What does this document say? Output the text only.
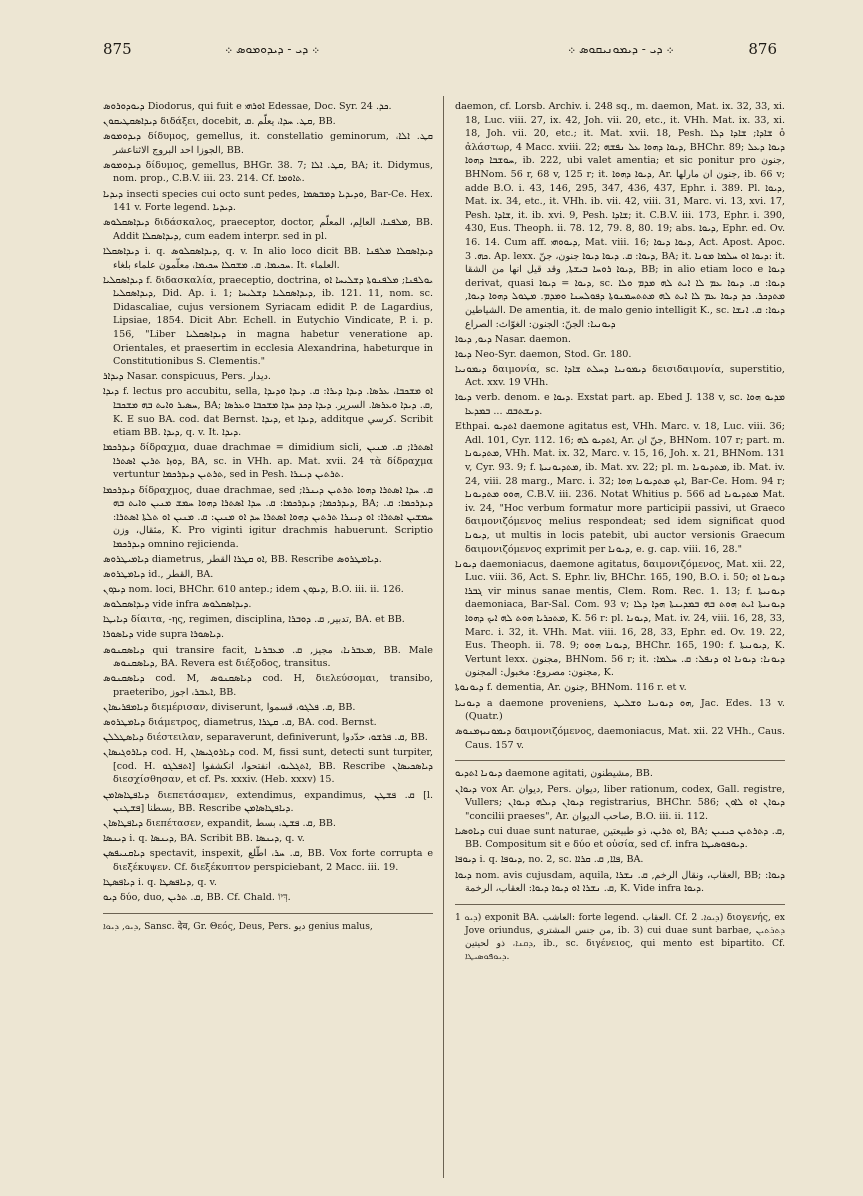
875	܀ ܕܝ - ܕܝܕܘܡܘܣ ܀	܀ ܕܝ - ܕܝܡܘܢܝܩܘܣ ܀	876
ܕܝܘܕܘܪܘܣ Diodorus, qui fuit e ܐܘܪܗܝ Edessae, Doc. Syr. ܟܕ. 24.
ܕܝܕܐܣܩܛܝܩܘܢ διδάξει, docebit, ܩܛ. ܚܕܐ، يعلّم .ܩ, BB.
ܕܝܕܘܡܘܣ δίδυμος, gemellus, it. constellatio geminorum, ܩܛ. ܐܠܐ، الجوزا احد البروج الاثناعشر, BB.
ܕܝܕܘܡܘܣ δίδυμος, gemellus, BHGr. 38. 7; ܩܛ. ܐܠܐ, BA; it. Didymus, nom. prop., C.B.V. iii. 23. 214. Cf. ܬܐܘܡܐ.
ܕܝܕܝܐ insecti species cui octo sunt pedes, ܘܕܝܕܝܐ ܕܡܒܣܡܐ, Bar-Ce. Hex. 141 v. Forte legend. ܕܝܕܝܐ.
ܕܝܕܐܣܩܠܘܣ διδάσκαλος, praeceptor, doctor, ܡܠܦܢܐ، العالِم، المعلّم, BB. Addit ܕܝܕܐܣܩܠܐ, cum eadem interpr. sed in pl.
ܕܝܕܐܣܩܠܐ i. q. ܕܝܕܐܣܩܠܘܣ, q. v. In alio loco dicit BB. ܕܝܕܐܣܩܠܐ ܡܠܦܢܐ ܚܟܝܡܐ. ܩ. ܡܫܩܠܐ ܚܟܝܡܐ، معلّمون علماء بلغاء. It. العلماء.
ܕܝܕܐܣܩܠܝܐ f. διδασκαλία, praeceptio, doctrina, ܝܘܠܦܢܐ; ܡܠܦܢܘܬܐ ܕܫܠܝܚܐ ܐܘ ܕܝܕܐܣܩܠܝܐ, Did. Ap. i. 1; ܕܝܕܐܣܩܠܝܐ ܕܫܠܝܚܐ, ib. 121. 11, nom. sc. Didascaliae, cujus versionem Syriacam edidit P. de Lagardius, Lipsiae, 1854. Dicit Abr. Echell. in Eutychio Vindicate, P. i. p. 156, "Liber ܕܝܕܐܣܩܠܝܐ in magna habetur veneratione ap. Orientales, et praesertim in ecclesia Alexandrina, habeturque in Constitutionibus S. Clementis."
ܕܝܕܐܪ Nasar. conspicuus, Pers. ديدار.
ܕܝܕܐ f. lectus pro accubitu, sella, ܐܘ ܡܫܟܒܐ، ܥܪܣܐ. ܕܝܕܐ ܕܝܪܐ: ܩ. ܕܝܕܐ ܘܕܝܕܐ ܚܣܝܪ ܘܐܝܬ ܒܗ ܡܫܟܒܐ, BA; ܩ. ܕܝܕܐ ܘܥܪܣܐ. السرير. ܕܝܕܐ ܕܟܕ ܚܕܐ ܡܫܟܒܐ ܘܥܪܣܐ, K. E suo BA. cod. dat Bernst. ܕܝܕܐ, et ܕܝܕܐ, additque كرسي. Scribit etiam BB. ܕܝܕܐ, q. v. It. ܕܝܕܐ.
ܕܝܕܪܟܡܐ δίδραχμα, duae drachmae = dimidium sicli, ܐܣܬܪܐ; ܩ. ܡܢܝܢ ܕܘܙܐ ܬܪܝܢ ܐܣܬܪܐ, BA, sc. in VHh. ap. Mat. xvii. 24 τὰ δίδραχμα vertuntur ܬܪܬܝܢ ܕܝܕܪܟܡܐ, sed in Pesh. ܬܪܬܝܢ ܕܝܢܪܐ.
ܕܝܕܪܟܡܐ δίδραχμος, duae drachmae, sed ܩ. ܚܕܐ ܐܣܬܪܐ ܕܗܘܐ ܬܪܬܝܢ ܕܝܢܪܐ; ܕܝܕܪܟܡܐ; ܕܝܕܪܟܡܐ: ܩ. ܚܕܐ ܐܣܬܪܐ ܕܗܘܐ ܚܡܫ ܡܢܝܢ ܘܐܝܬ ܒܗ, BA; ܕܝܕܪܟܡܐ: ܩ. ܚܡܫܝܢ ܐܣܬܪܐ: ܐܘ ܕܝܢܪܐ ܬܪܬܝܢ ܕܗܘܐ ܐܣܬܪܐ ܚܕ ܐܘ ܡܢܝܢ: ܩ. ܡܢܝܢ ܐܘ ܬܠܬܐ ܐܣܬܪܐ: مثقال، وزن, K. Pro viginti igitur drachmis habuerunt. Scriptio ܕܝܕܪܟܡܐ omnino rejicienda.
ܕܝܐܡܝܛܪܘܣ diametrus, ܐܘ ܩܛܪܐ القطر, BB. Rescribe ܕܝܐܡܛܪܘܣ.
ܕܝܐܡܛܪܘܣ id., القطر, BA.
ܕܝܕܘܢ nom. loci, BHChr. 610 antep.; idem ܕܝܕܘܢ, B.O. iii. ii. 126.
ܕܝܕܐܣܩܠܘܣ vide infra ܕܝܕܐܣܩܠܘܣ.
ܕܝܐܝܛܐ δίαιτα, -ης, regimen, disciplina, تدبير, ܩ. ܕܘܒܪܐ, BA. et BB.
ܕܝܐܣܘܪܐ vide supra ܕܝܐܣܘܪܐ.
ܕܝܐܣܩܢܘܣ qui transire facit, ܡܥܒܪܢܐ، مجيز, ܩ. ܡܥܒܪܢܐ, BB. Male ܕܝܐܣܩܢܘܣ, BA. Revera est διέξοδος, transitus.
ܕܝܐܣܩܢܘܣ cod. M, ܕܝܐܣܩܢܘܣ cod. H, διελεύσομαι, transibo, praeteribo, ܐܥܒܪ، اجوز, BB.
ܕܝܐܡܦܪܝܣܐܢ διεμέρισαν, diviserunt, ܩ. ܦܠܓܘ، قسموا, BB.
ܕܝܐܡܛܪܘܣ διάμετρος, diametrus, ܩ. ܩܛܪܐ, BA. cod. Bernst.
ܕܝܐܣܛܠܠܢ διέστειλαν, separaverunt, definiverunt, ܩ. ܦܪܫܘ، حدّدوا, BB.
ܕܝܐܪܘܓܝܣܐܢ cod. H, ܕܝܐܪܘܓܝܣܐܢ cod. M, fissi sunt, detecti sunt turpiter, [cod. H. ܐܬܦܠܓܘ] ܐܬܓܠܝܘ، انفتحوا، انكشفوا, BB. Rescribe ܕܝܐܣܟܝܣܐܢ διεσχίσθησαν, et cf. Ps. xxxiv. (Heb. xxxv) 15.
ܕܝܐܦܛܐܣܐܡܢ διεπετάσαμεν, extendimus, expandimus, ܩ. ܦܫܛܢ [l. ܦܫܛܢܢ] بسطنا, BB. Rescribe ܕܝܐܦܛܐܣܐܡܢ.
ܕܝܐܦܛܐܣܐܢ διεπέτασεν, expandit, ܩ. ܦܫܛ، بسط, BB.
ܕܝܢܣܐ i. q. ܕܝܢܣܐ, BA. Scribit BB. ܕܝܢܣܐ, q. v.
ܕܝܐܩܢܝܦܣܢ spectavit, inspexit, ܩ. ܚܪ، اطّلع, BB. Vox forte corrupta e διεξέκυψεν. Cf. διεξέκυπτον perspiciebant, 2 Macc. iii. 19.
ܕܝܐܦܣܛܐ i. q. ܕܝܐܦܣܛܐ, q. v.
ܕܝܘ δύο, duo, ܩ. ܬܪܝܢ, BB. Cf. Chald. דְּיוֹ.
ܕܝܘ, ܕܝܘܐ, Sansc. देव, Gr. Θεός, Deus, Pers. ديو genius malus,
daemon, cf. Lorsb. Archiv. i. 248 sq., m. daemon, Mat. ix. 32, 33, xi. 18, Luc. viii. 27, ix. 42, Joh. vii. 20, etc., it. VHh. Mat. ix. 33, xi. 18, Joh. vii. 20, etc.; it. Mat. xvii. 18, Pesh. ܫܐܕܐ; ܫܐܕܐ ܕܠܐ ὁ ἀλάστωρ, 4 Macc. xviii. 22; ܕܝܘܐ ܕܗܘܐ ܥܠ ܢܦܫܗ, BHChr. 89; ܕܝܘܐ ܕܥܠ ܚܘܫܒܐ ܕܗܘܐ, ib. 222, ubi valet amentia; et sic ponitur pro جنون, BHNom. 56 r, 68 v, 125 r; it. ܕܝܘܐ ܕܗܘܐ, Ar. جنون ان مارلها, ib. 66 v; adde B.O. i. 43, 146, 295, 347, 436, 437, Ephr. i. 389. Pl. ܕܝܘܐ, Mat. ix. 34, etc., it. VHh. ib. vii. 42, viii. 31, Marc. vi. 13, xvi. 17, Pesh. ܫܐܕܐ, it. ib. xvi. 9, Pesh. ܫܐܕܐ; it. C.B.V. iii. 173, Ephr. i. 390, 430, Eus. Theoph. ii. 78. 12, 79. 8, 80. 19; abs. ܕܝܘܐ, Ephr. ed. Ov. 16. 14. Cum aff. ܕܝܘܘܗܝ, Mat. viii. 16; ܕܝܘܐ ܕܝܘܐ, Act. Apost. Apoc. ܟܗ. 3. Ap. lexx. ܕܝܘܐ: ܩ. ܕܝܘܐ ܕܝܘܐ جنون، جنّ, BA; it. ܕܝܘܐ ܐܘ ܚܠܡܐ ܡܘܢܐ: it. ܕܝܘܐ ܪܘܚܐ ܒܝܫܬܐ, وقد قيل انها من الشقا, BB; in alio etiam loco e ܕܝܘܐ derivat, quasi ܕܝܘܐ = ܕܝܘܐ, sc. ܕܝܘܐ: ܩ. ܕܝܘܐ ܥܡ ܠܐ ܐܝܬ ܠܗ ܡܕܡ ܘܠܐ ܡܬܕܟܪ. ܟܕ ܕܝܘܐ ܥܡ ܠܐ ܐܝܬ ܠܗ ܡܬܬܚܡܢܘܬܐ ܕܦܘܠܚܢܐ ܘܡܕܡ. ܡܛܘܠ ܕܗܘܐ ܕܝܘܐ, الشياطين. De amentia, it. de malo genio intelligit K., sc. ܕܝܘܐ: ܩ. ܐܢܫܐ ܕܝܘܢܝܐ: الجنّ: الجنون: الغوّاث: الصراع
ܕܝܘ, ܕܝܘܐ Nasar. daemon.
ܕܝܘܐ Neo-Syr. daemon, Stod. Gr. 180.
ܕܝܡܘܢܝܐ δαιμονία, sc. ܕܝܡܘܢܝܐ ܕܚܠܬ ܫܐܕܐ δεισιδαιμονία, superstitio, Act. xxv. 19 VHh.
ܕܝܘܐ verb. denom. e ܕܝܘܐ. Exstat part. ap. Ebed J. 138 v, sc. ܡܕܝܘ ܗܘܐ ܕܢܫܬܒܩ ... ܒܡܕܥܐ.
Ethpai. ܐܬܕܝܘ daemone agitatus est, VHh. Marc. v. 18, Luc. viii. 36; Adl. 101, Cyr. 112. 16; ܐܬܕܝܘ ܠܗ, Ar. جنّ ان, BHNom. 107 r; part. m. ܡܬܕܝܘܢܐ, VHh. Mat. ix. 32, Marc. v. 15, 16, Joh. x. 21, BHNom. 131 v, Cyr. 93. 9; f. ܡܬܕܝܘܢܝܬܐ, ib. Mat. xv. 22; pl. m. ܡܬܕܝܘܢܐ, ib. Mat. iv. 24, viii. 28 marg., Marc. i. 32; ܐܝܟ ܡܬܕܝܘܢܐ ܗܘܐ, Bar-Ce. Hom. 94 r; ܗܘܘ ܡܬܕܝܘܢܐ, C.B.V. iii. 236. Notat Whitius p. 566 ad ܡܬܕܝܘܢܐ Mat. iv. 24, "Hoc verbum formatur more participii passivi, ut Graeco δαιμονιζόμενος melius respondeat; sed idem significat quod ܕܝܘܢܐ, ut multis in locis patebit, ubi auctor versionis Graecum δαιμονιζόμενος exprimit per ܕܝܘܢܐ, e. g. cap. viii. 16, 28."
ܕܝܘܢܐ daemoniacus, daemone agitatus, δαιμονιζόμενος, Mat. xii. 22, Luc. viii. 36, Act. S. Ephr. liv, BHChr. 165, 190, B.O. i. 50; ܕܝܘܢܐ ܐܘ ܓܒܪܐ vir minus sanae mentis, Clem. Rom. Rec. 1. 13; f. ܕܝܘܢܝܬܐ daemoniaca, Bar-Sal. Com. 93 v; ܕܝܘܢܝܬܐ ܐܝܬ ܗܘܬ ܒܗ ܒܡܕܝܢܬܐ ܗܕܐ ܕܠܐ ܡܬܟܪܝܐ ܗܘܬ ܠܗ ܐܝܟ ܕܗܘܐ, K. 56 r: pl. ܕܝܘܢܐ, Mat. iv. 24, viii. 16, 28, 33, Marc. i. 32, it. VHh. Mat. viii. 16, 28, 33, Ephr. ed. Ov. 19. 22, Eus. Theoph. ii. 78. 9; ܕܝܘܢܐ ܗܘܘ, BHChr. 165, 190: f. ܕܝܘܢܝܬܐ, K. Vertunt lexx. مجنون, BHNom. 56 r; it. ܕܝܘܢܐ: ܕܝܘܢܐ ܐܘ ܕܢܦܠ: ܩ. ܚܠܡܐ: مجنون: مصروع: مخبول: المجنون, K.
ܕܝܘܢܘܬܐ f. dementia, Ar. جنون, BHNom. 116 r. et v.
ܕܝܘܢܝܐ a daemone proveniens, ܗܘ ܕܝܘܢܝܐ ܘܫܠܝܛ, Jac. Edes. 13 v. (Quatr.)
ܕܝܡܘܢܝܙܡܢܘܣ δαιμονιζόμενος, daemoniacus, Mat. xii. 22 VHh., Caus. Caus. 157 v.
ܕܝܘܢܐ ܐܬܕܝܘ daemone agitati, مشيطنون, BB.
ܕܝܘܐܢ vox Ar. ديوان, Pers. دیوان, liber rationum, codex, Gall. registre, Vullers; ܕܝܘܐܢ ܕܝܠܗ ܕܝܘܐܢ registrarius, BHChr. 586; ܕܝܘܐܢ ܐܘ ܠܐܘܢ "concilii praeses", Ar. صاحب الديوان, B.O. iii. ii. 112.
ܕܝܐܘܣܝܐ cui duae sunt naturae, ܐܘ ܬܪܝܢ، ذو طبيعتين, BA; ܩ. ܕܬܪܬܝܢ ܟܝܢܝܢ, BB. Compositum sit e δύο et οὐσία, sed cf. infra ܕܝܘܦܘܣܝܛܐ.
ܕܝܘܦܐ i. q. ܕܝܘܦܐ, no. 2, sc. ܦܐܐ, ܩ. ܩܪܐܐ, BA.
ܕܝܘܐ nom. avis cujusdam, aquila, العقاب، ونقال الرخم, ܩ. ܢܫܪܐ, BB; ܕܝܘܐ: ܩ. ܢܫܪܐ ܐܘ ܕܝܘܐ ܕܝܘܐ: العقاب، الرخمة, K. Vide infra ܕܝܘܐ.
ܕܝܘ 1) exponit BA. العاشب: forte legend. العقاب. Cf. ܕܝܘܐ. 2) διογενής, ex Jove oriundus, من جنس المشتري, ib. 3) cui duae sunt barbae, ܕܬܪܬܝܢ ܕܩܢܐ، ذو لحيتين, ib., sc. διγένειος, qui mento est bipartito. Cf. ܕܝܘܦܘܣܝܛܐ.
